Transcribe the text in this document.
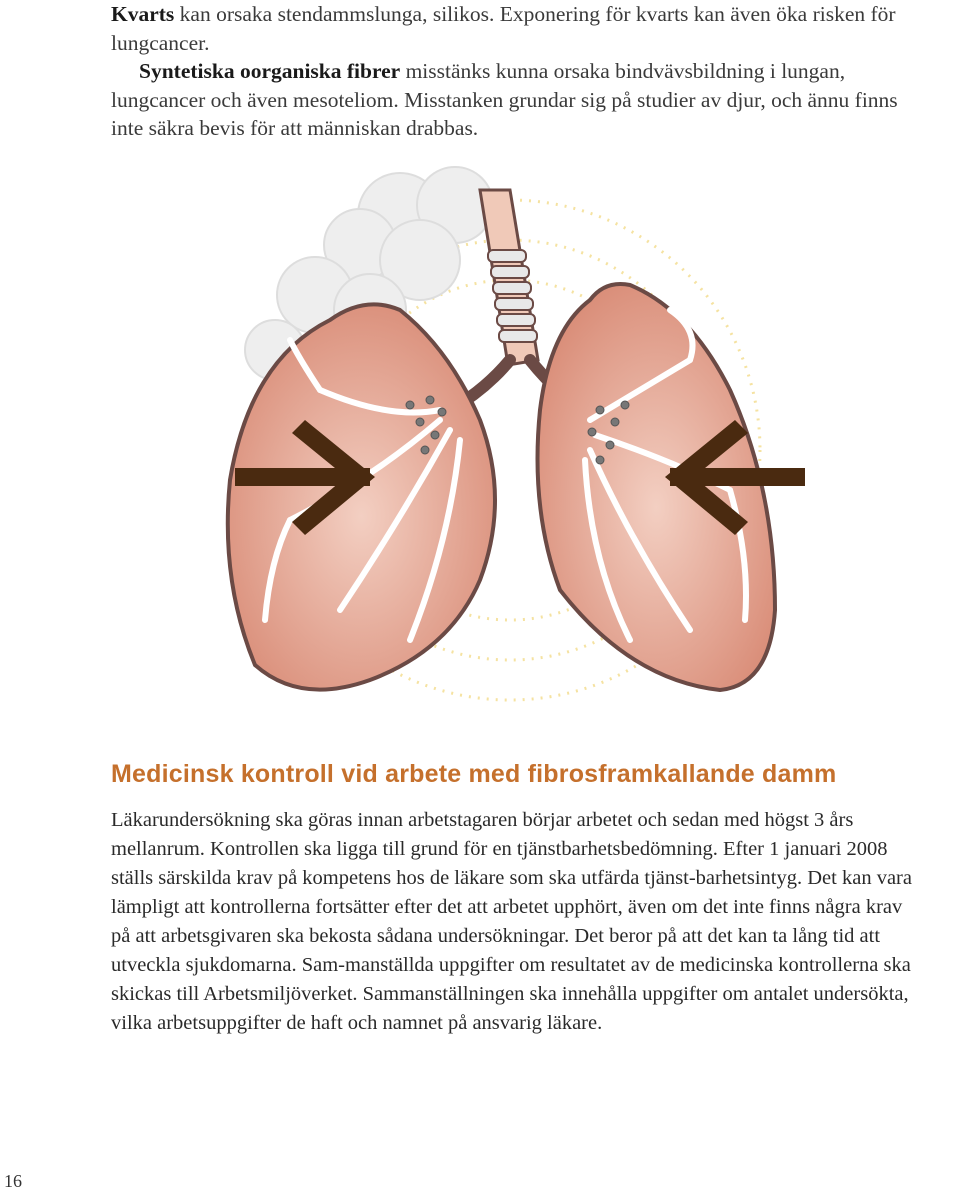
Kvarts kan orsaka stendammslunga, silikos. Exponering för kvarts kan även öka risken för lungcancer.

Syntetiska oorganiska fibrer misstänks kunna orsaka bindvävsbildning i lungan, lungcancer och även mesoteliom. Misstanken grundar sig på studier av djur, och ännu finns inte säkra bevis för att människan drabbas.

Medicinsk kontroll vid arbete med fibrosframkallande damm

Läkarundersökning ska göras innan arbetstagaren börjar arbetet och sedan med högst 3 års mellanrum. Kontrollen ska ligga till grund för en tjänstbarhetsbedömning. Efter 1 januari 2008 ställs särskilda krav på kompetens hos de läkare som ska utfärda tjänst-barhetsintyg. Det kan vara lämpligt att kontrollerna fortsätter efter det att arbetet upphört, även om det inte finns några krav på att arbetsgivaren ska bekosta sådana undersökningar. Det beror på att det kan ta lång tid att utveckla sjukdomarna. Sam-manställda uppgifter om resultatet av de medicinska kontrollerna ska skickas till Arbetsmiljöverket. Sammanställningen ska innehålla uppgifter om antalet undersökta, vilka arbetsuppgifter de haft och namnet på ansvarig läkare.

16
